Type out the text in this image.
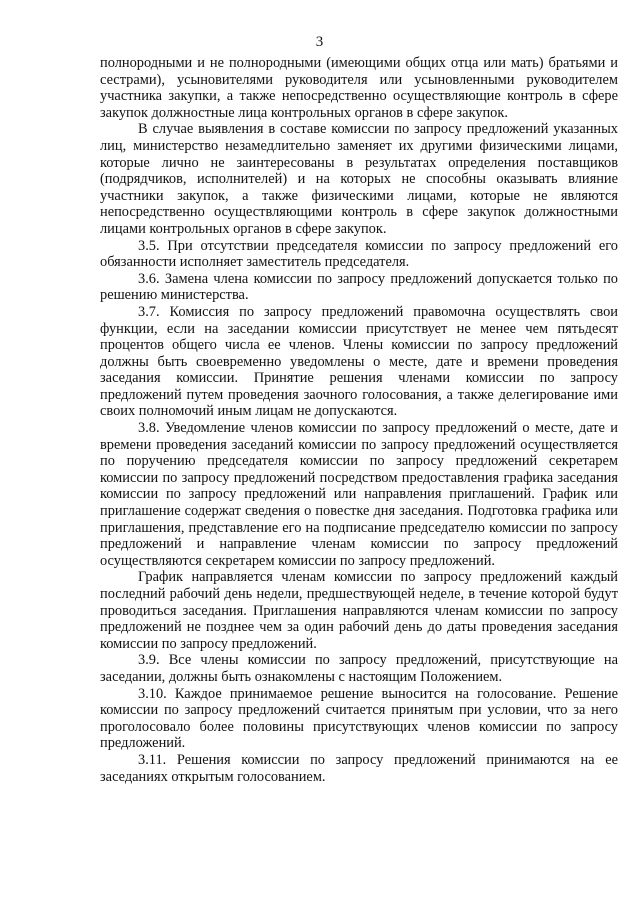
3

полнородными и не полнородными (имеющими общих отца или мать) братьями и сестрами), усыновителями руководителя или усыновленными руководителем участника закупки, а также непосредственно осуществляющие контроль в сфере закупок должностные лица контрольных органов в сфере закупок.

В случае выявления в составе комиссии по запросу предложений указанных лиц, министерство незамедлительно заменяет их другими физическими лицами, которые лично не заинтересованы в результатах определения поставщиков (подрядчиков, исполнителей) и на которых не способны оказывать влияние участники закупок, а также физическими лицами, которые не являются непосредственно осуществляющими контроль в сфере закупок должностными лицами контрольных органов в сфере закупок.

3.5. При отсутствии председателя комиссии по запросу предложений его обязанности исполняет заместитель председателя.

3.6. Замена члена комиссии по запросу предложений допускается только по решению министерства.

3.7. Комиссия по запросу предложений правомочна осуществлять свои функции, если на заседании комиссии присутствует не менее чем пятьдесят процентов общего числа ее членов. Члены комиссии по запросу предложений должны быть своевременно уведомлены о месте, дате и времени проведения заседания комиссии. Принятие решения членами комиссии по запросу предложений путем проведения заочного голосования, а также делегирование ими своих полномочий иным лицам не допускаются.

3.8. Уведомление членов комиссии по запросу предложений о месте, дате и времени проведения заседаний комиссии по запросу предложений осуществляется по поручению председателя комиссии по запросу предложений секретарем комиссии по запросу предложений посредством предоставления графика заседания комиссии по запросу предложений или направления приглашений. График или приглашение содержат сведения о повестке дня заседания. Подготовка графика или приглашения, представление его на подписание председателю комиссии по запросу предложений и направление членам комиссии по запросу предложений осуществляются секретарем комиссии по запросу предложений.

График направляется членам комиссии по запросу предложений каждый последний рабочий день недели, предшествующей неделе, в течение которой будут проводиться заседания. Приглашения направляются членам комиссии по запросу предложений не позднее чем за один рабочий день до даты проведения заседания комиссии по запросу предложений.

3.9. Все члены комиссии по запросу предложений, присутствующие на заседании, должны быть ознакомлены с настоящим Положением.

3.10. Каждое принимаемое решение выносится на голосование. Решение комиссии по запросу предложений считается принятым при условии, что за него проголосовало более половины присутствующих членов комиссии по запросу предложений.

3.11. Решения комиссии по запросу предложений принимаются на ее заседаниях открытым голосованием.
